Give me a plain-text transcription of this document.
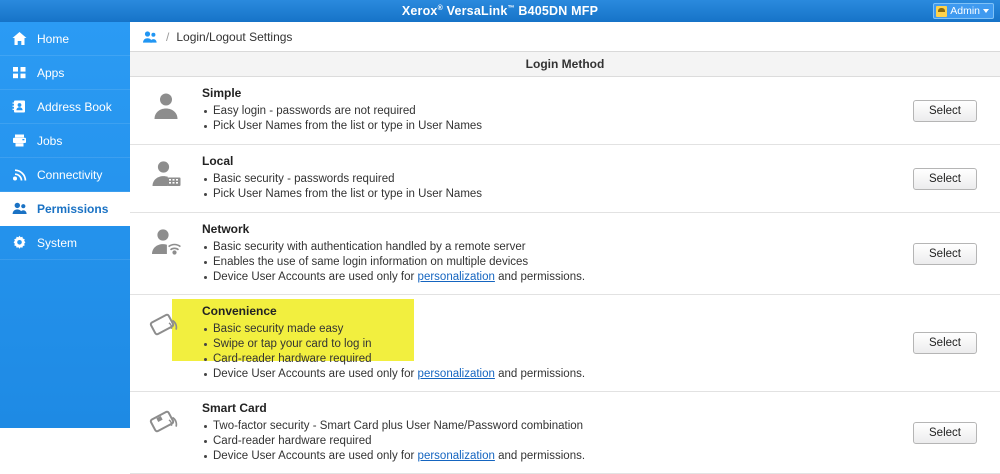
Xerox® VersaLink™ B405DN MFP	Admin
Home
Apps
Address Book
Jobs
Connectivity
Permissions
System
/ Login/Logout Settings
Login Method
Simple
Easy login - passwords are not required
Pick User Names from the list or type in User Names
Select
Local
Basic security - passwords required
Pick User Names from the list or type in User Names
Select
Network
Basic security with authentication handled by a remote server
Enables the use of same login information on multiple devices
Device User Accounts are used only for personalization and permissions.
Select
Convenience
Basic security made easy
Swipe or tap your card to log in
Card-reader hardware required
Device User Accounts are used only for personalization and permissions.
Select
Smart Card
Two-factor security - Smart Card plus User Name/Password combination
Card-reader hardware required
Device User Accounts are used only for personalization and permissions.
Select
